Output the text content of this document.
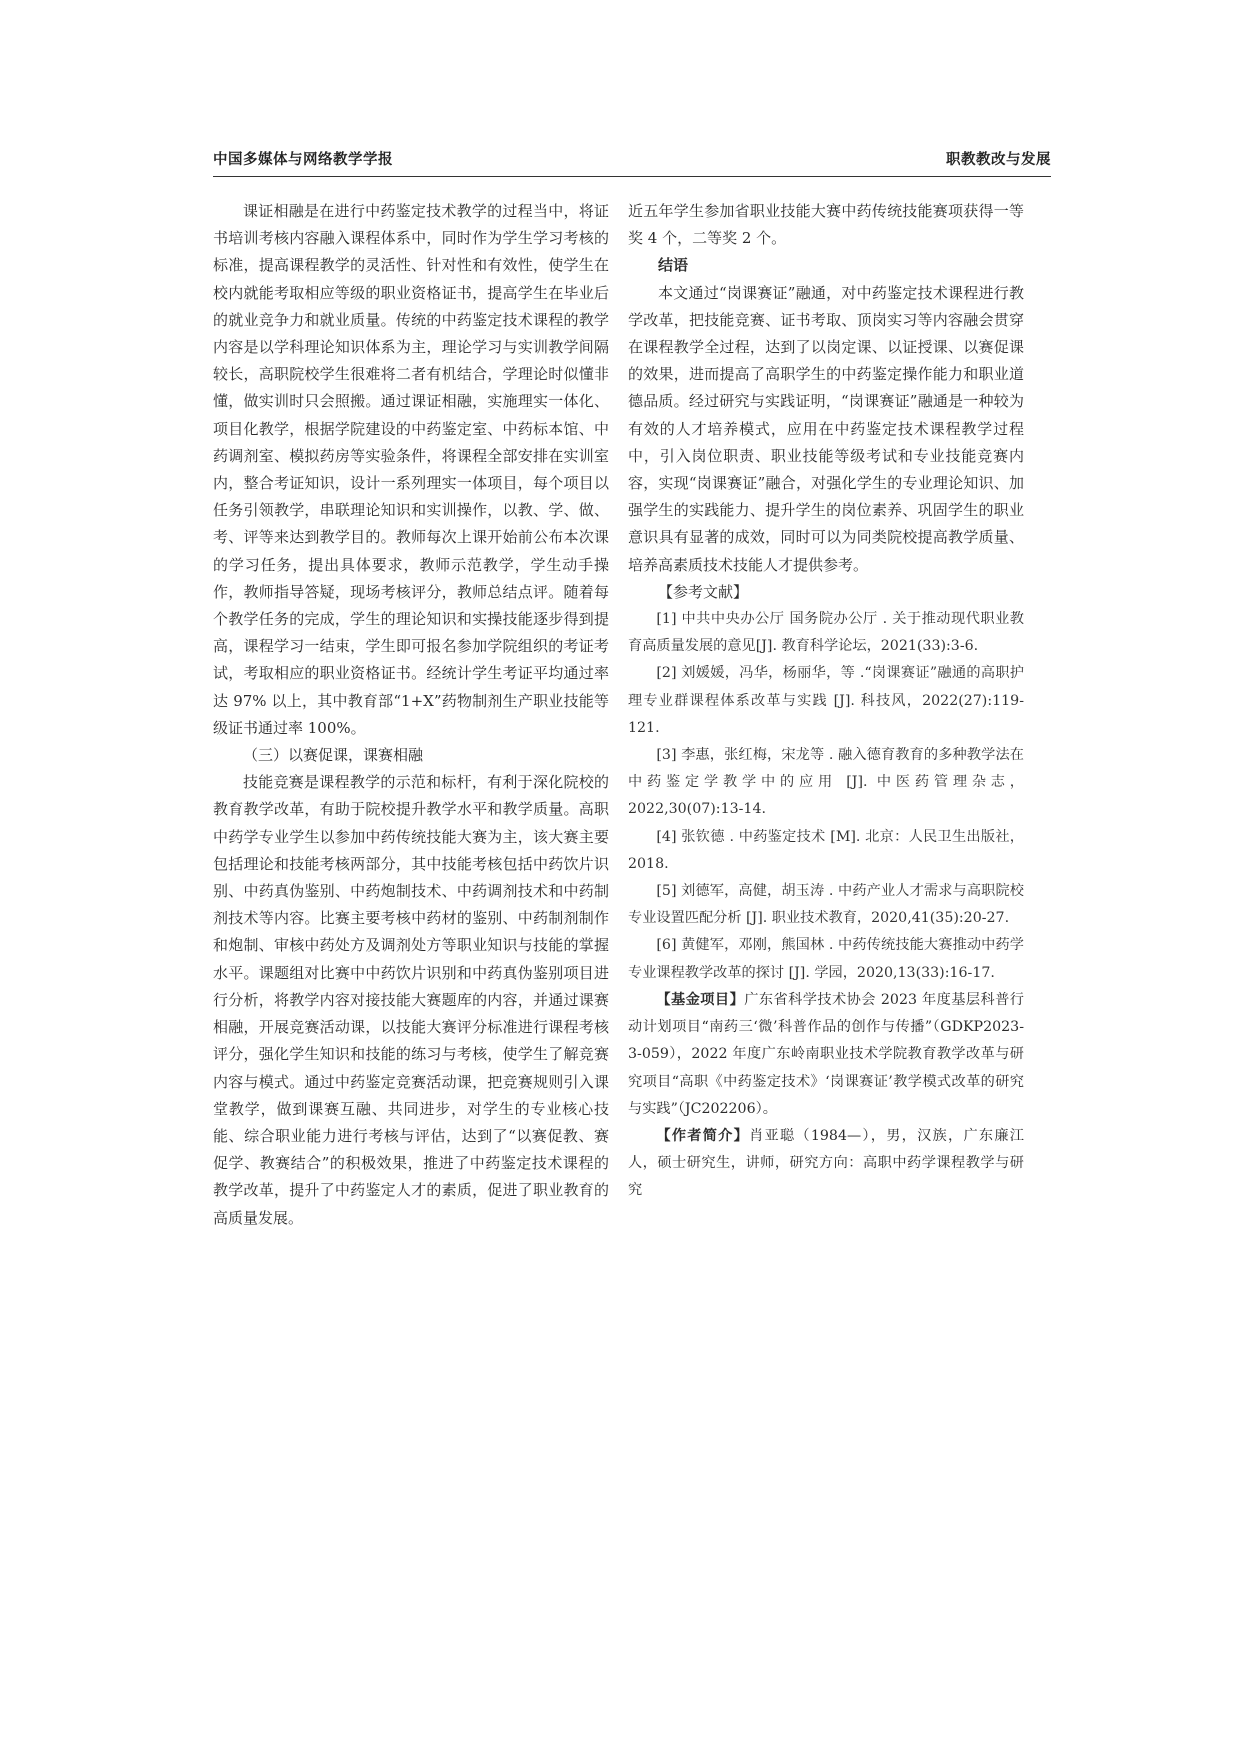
中国多媒体与网络教学学报	职教教改与发展

课证相融是在进行中药鉴定技术教学的过程当中，将证书培训考核内容融入课程体系中，同时作为学生学习考核的标准，提高课程教学的灵活性、针对性和有效性，使学生在校内就能考取相应等级的职业资格证书，提高学生在毕业后的就业竞争力和就业质量。传统的中药鉴定技术课程的教学内容是以学科理论知识体系为主，理论学习与实训教学间隔较长，高职院校学生很难将二者有机结合，学理论时似懂非懂，做实训时只会照搬。通过课证相融，实施理实一体化、项目化教学，根据学院建设的中药鉴定室、中药标本馆、中药调剂室、模拟药房等实验条件，将课程全部安排在实训室内，整合考证知识，设计一系列理实一体项目，每个项目以任务引领教学，串联理论知识和实训操作，以教、学、做、考、评等来达到教学目的。教师每次上课开始前公布本次课的学习任务，提出具体要求，教师示范教学，学生动手操作，教师指导答疑，现场考核评分，教师总结点评。随着每个教学任务的完成，学生的理论知识和实操技能逐步得到提高，课程学习一结束，学生即可报名参加学院组织的考证考试，考取相应的职业资格证书。经统计学生考证平均通过率达 97% 以上，其中教育部“1+X”药物制剂生产职业技能等级证书通过率 100%。

（三）以赛促课，课赛相融

技能竞赛是课程教学的示范和标杆，有利于深化院校的教育教学改革，有助于院校提升教学水平和教学质量。高职中药学专业学生以参加中药传统技能大赛为主，该大赛主要包括理论和技能考核两部分，其中技能考核包括中药饮片识别、中药真伪鉴别、中药炮制技术、中药调剂技术和中药制剂技术等内容。比赛主要考核中药材的鉴别、中药制剂制作和炮制、审核中药处方及调剂处方等职业知识与技能的掌握水平。课题组对比赛中中药饮片识别和中药真伪鉴别项目进行分析，将教学内容对接技能大赛题库的内容，并通过课赛相融，开展竞赛活动课，以技能大赛评分标准进行课程考核评分，强化学生知识和技能的练习与考核，使学生了解竞赛内容与模式。通过中药鉴定竞赛活动课，把竞赛规则引入课堂教学，做到课赛互融、共同进步，对学生的专业核心技能、综合职业能力进行考核与评估，达到了“以赛促教、赛促学、教赛结合”的积极效果，推进了中药鉴定技术课程的教学改革，提升了中药鉴定人才的素质，促进了职业教育的高质量发展。

近五年学生参加省职业技能大赛中药传统技能赛项获得一等奖 4 个，二等奖 2 个。

结语

本文通过“岗课赛证”融通，对中药鉴定技术课程进行教学改革，把技能竞赛、证书考取、顶岗实习等内容融会贯穿在课程教学全过程，达到了以岗定课、以证授课、以赛促课的效果，进而提高了高职学生的中药鉴定操作能力和职业道德品质。经过研究与实践证明，“岗课赛证”融通是一种较为有效的人才培养模式，应用在中药鉴定技术课程教学过程中，引入岗位职责、职业技能等级考试和专业技能竞赛内容，实现“岗课赛证”融合，对强化学生的专业理论知识、加强学生的实践能力、提升学生的岗位素养、巩固学生的职业意识具有显著的成效，同时可以为同类院校提高教学质量、培养高素质技术技能人才提供参考。

【参考文献】

[1] 中共中央办公厅 国务院办公厅 . 关于推动现代职业教育高质量发展的意见[J]. 教育科学论坛，2021(33):3-6.

[2] 刘媛媛，冯华，杨丽华，等 .“岗课赛证”融通的高职护理专业群课程体系改革与实践 [J]. 科技风，2022(27):119-121.

[3] 李惠，张红梅，宋龙等 . 融入德育教育的多种教学法在中药鉴定学教学中的应用 [J]. 中医药管理杂志，2022,30(07):13-14.

[4] 张钦德 . 中药鉴定技术 [M]. 北京：人民卫生出版社，2018.

[5] 刘德军，高健，胡玉涛 . 中药产业人才需求与高职院校专业设置匹配分析 [J]. 职业技术教育，2020,41(35):20-27.

[6] 黄健军，邓刚，熊国林 . 中药传统技能大赛推动中药学专业课程教学改革的探讨 [J]. 学园，2020,13(33):16-17.

【基金项目】广东省科学技术协会 2023 年度基层科普行动计划项目“南药三‘微’科普作品的创作与传播”（GDKP2023-3-059），2022 年度广东岭南职业技术学院教育教学改革与研究项目“高职《中药鉴定技术》‘岗课赛证’教学模式改革的研究与实践”（JC202206）。

【作者简介】肖亚聪（1984—），男，汉族，广东廉江人，硕士研究生，讲师，研究方向：高职中药学课程教学与研究
